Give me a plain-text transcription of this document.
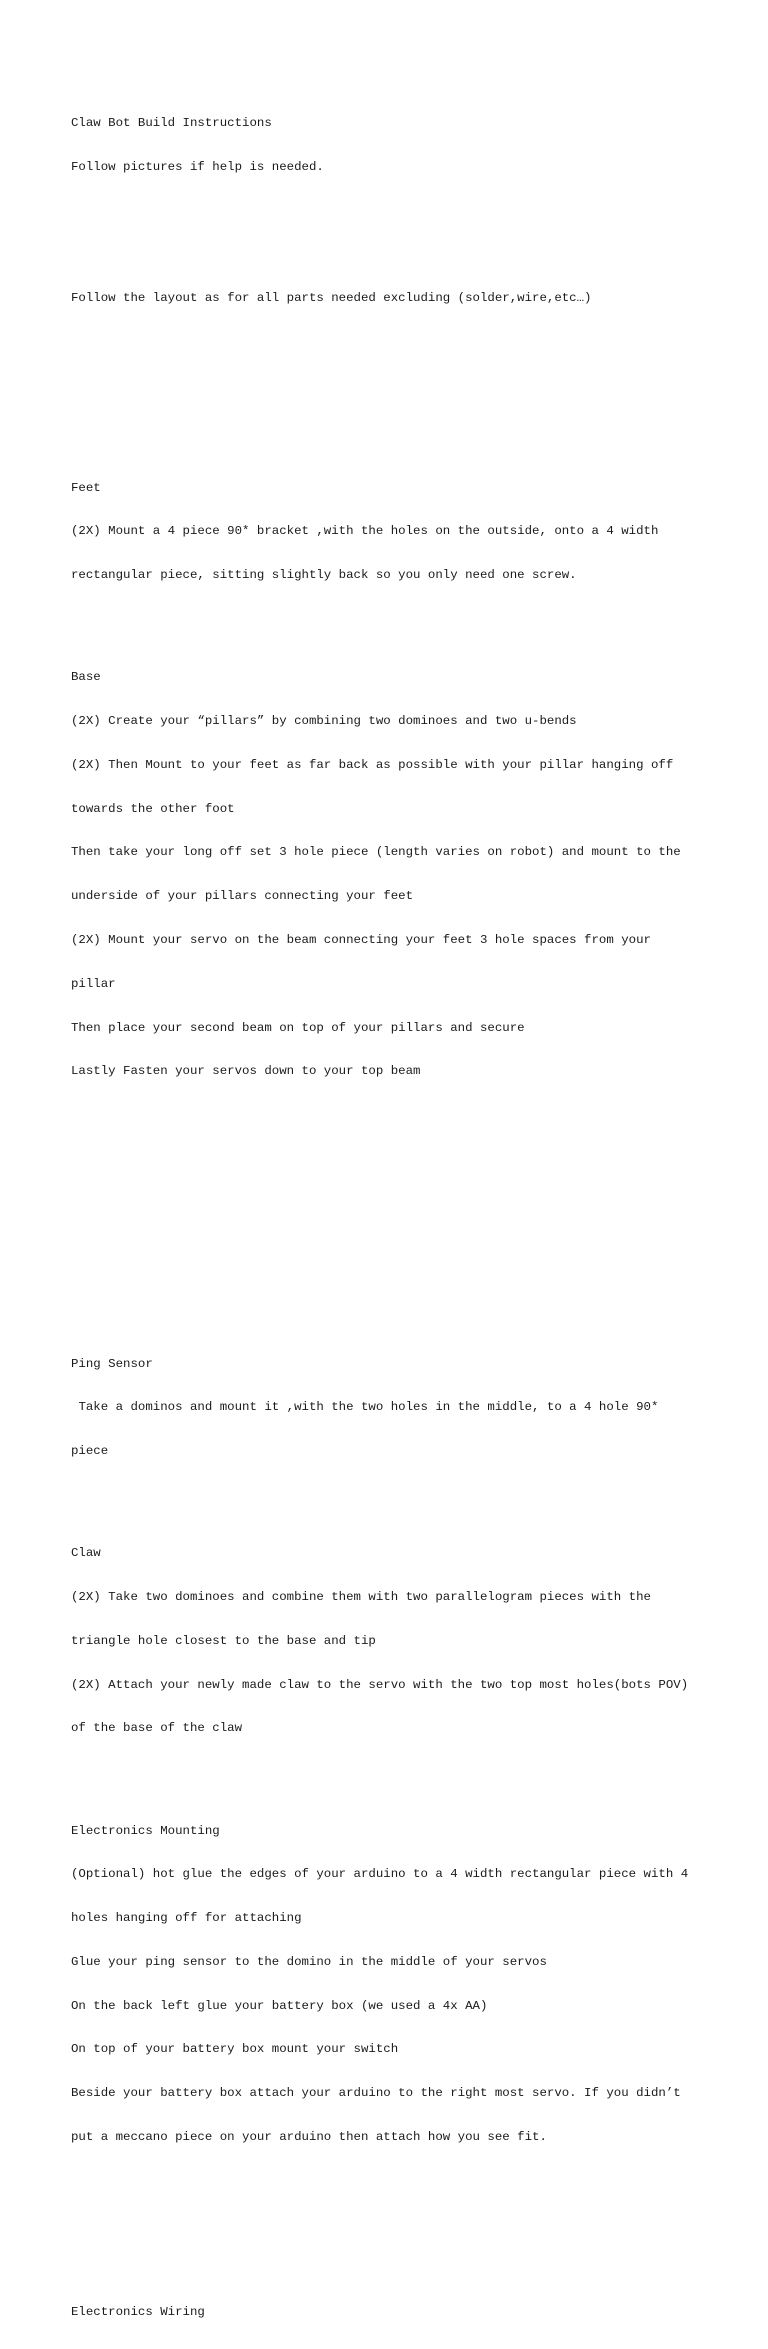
Claw Bot Build Instructions

Follow pictures if help is needed.

Follow the layout as for all parts needed excluding (solder,wire,etc…)

Feet

(2X) Mount a 4 piece 90* bracket ,with the holes on the outside, onto a 4 width

rectangular piece, sitting slightly back so you only need one screw.

Base

(2X) Create your “pillars” by combining two dominoes and two u-bends

(2X) Then Mount to your feet as far back as possible with your pillar hanging off

towards the other foot

Then take your long off set 3 hole piece (length varies on robot) and mount to the

underside of your pillars connecting your feet

(2X) Mount your servo on the beam connecting your feet 3 hole spaces from your

pillar

Then place your second beam on top of your pillars and secure

Lastly Fasten your servos down to your top beam

Ping Sensor

Take a dominos and mount it ,with the two holes in the middle, to a 4 hole 90*

piece

Claw

(2X) Take two dominoes and combine them with two parallelogram pieces with the

triangle hole closest to the base and tip

(2X) Attach your newly made claw to the servo with the two top most holes(bots POV)

of the base of the claw

Electronics Mounting

(Optional) hot glue the edges of your arduino to a 4 width rectangular piece with 4

holes hanging off for attaching

Glue your ping sensor to the domino in the middle of your servos

On the back left glue your battery box (we used a 4x AA)

On top of your battery box mount your switch

Beside your battery box attach your arduino to the right most servo. If you didn’t

put a meccano piece on your arduino then attach how you see fit.

Electronics Wiring
